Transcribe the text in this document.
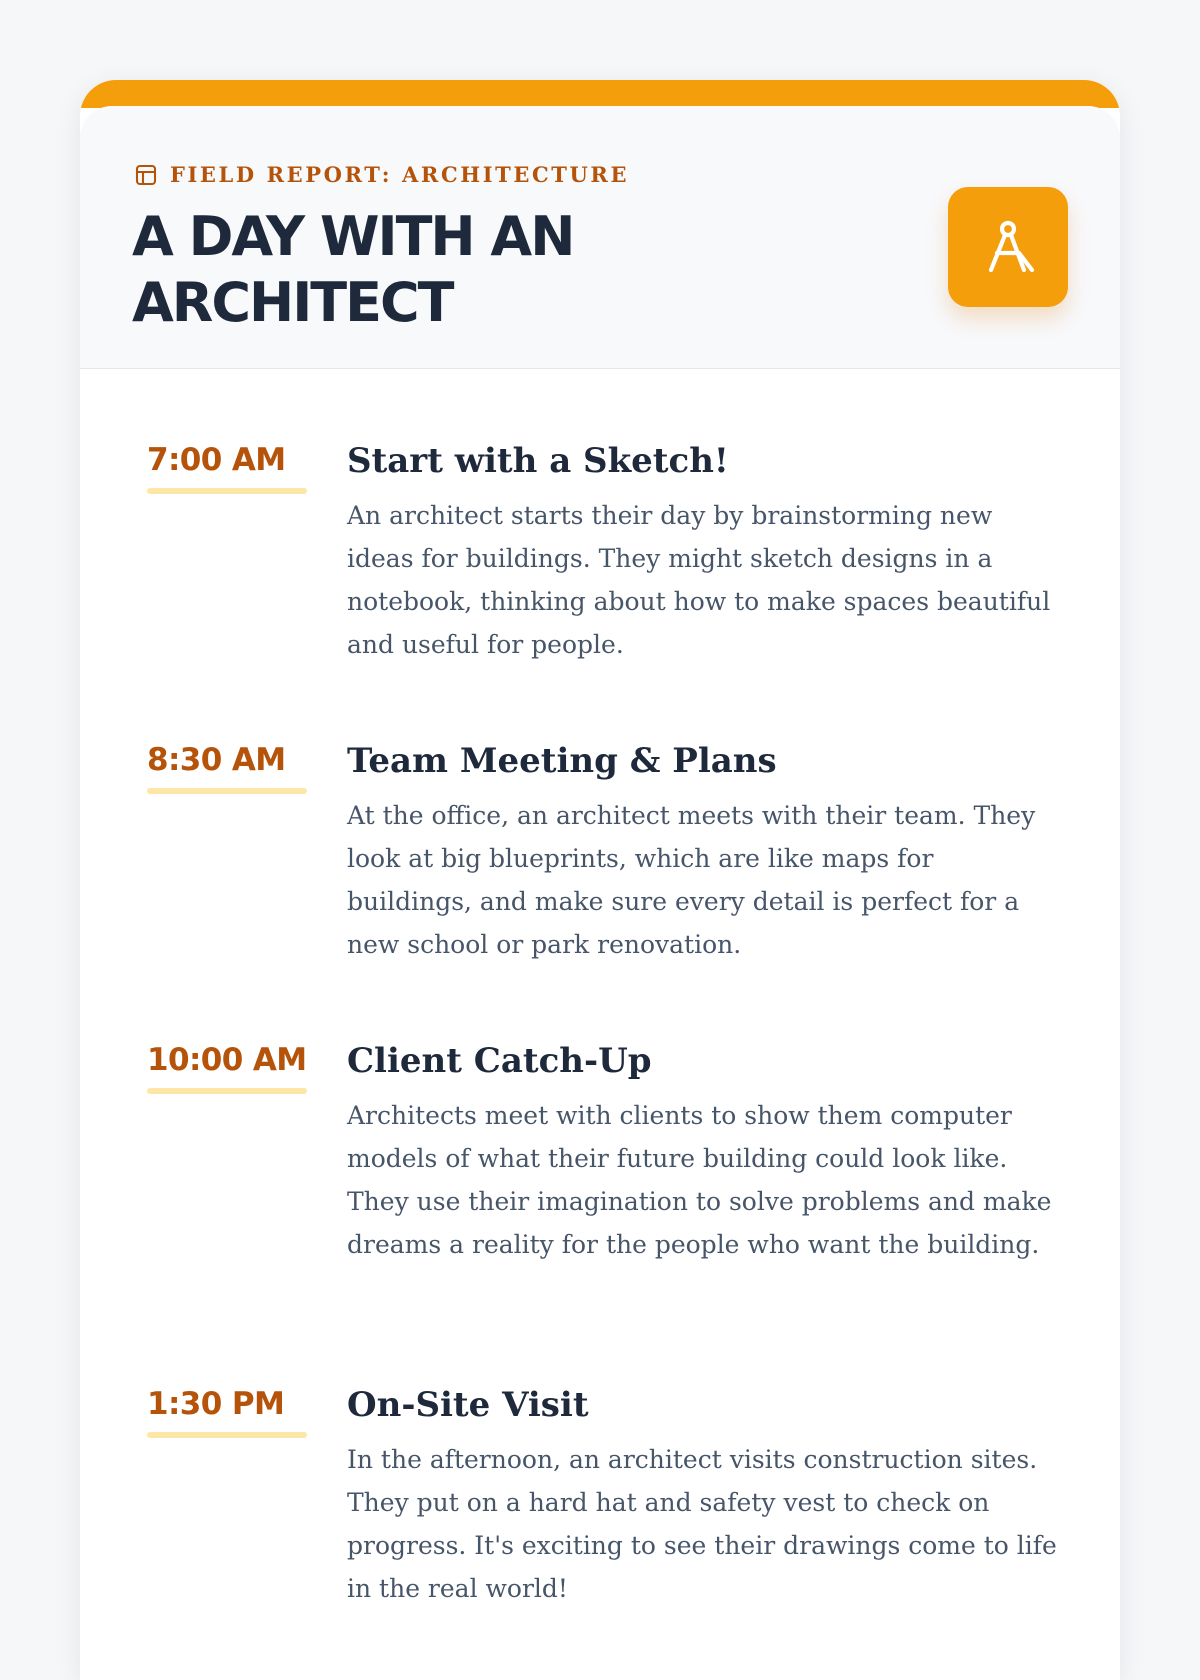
FIELD REPORT: ARCHITECTURE
A DAY WITH AN ARCHITECT
7:00 AM	Start with a Sketch!

An architect starts their day by brainstorming new ideas for buildings. They might sketch designs in a notebook, thinking about how to make spaces beautiful and useful for people.

8:30 AM	Team Meeting & Plans

At the office, an architect meets with their team. They look at big blueprints, which are like maps for buildings, and make sure every detail is perfect for a new school or park renovation.

10:00 AM Client Catch-Up

Architects meet with clients to show them computer models of what their future building could look like. They use their imagination to solve problems and make dreams a reality for the people who want the building.

1:30 PM	On-Site Visit

In the afternoon, an architect visits construction sites. They put on a hard hat and safety vest to check on progress. It's exciting to see their drawings come to life in the real world!
